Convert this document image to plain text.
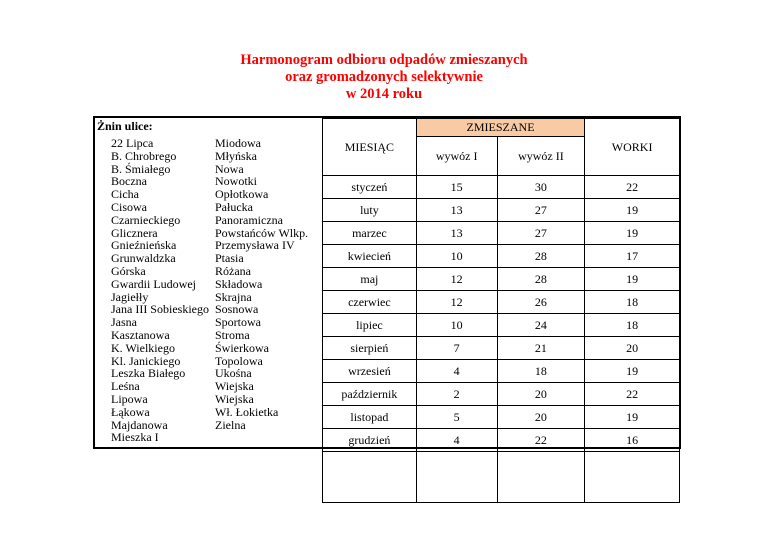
Harmonogram odbioru odpadów zmieszanych
oraz gromadzonych selektywnie
w 2014 roku
Żnin ulice:
22 Lipca
B. Chrobrego
B. Śmiałego
Boczna
Cicha
Cisowa
Czarnieckiego
Glicznera
Gnieźnieńska
Grunwaldzka
Górska
Gwardii Ludowej
Jagiełły
Jana III Sobieskiego
Jasna
Kasztanowa
K. Wielkiego
Kl. Janickiego
Leszka Białego
Leśna
Lipowa
Łąkowa
Majdanowa
Mieszka I
Miodowa
Młyńska
Nowa
Nowotki
Opłotkowa
Pałucka
Panoramiczna
Powstańców Wlkp.
Przemysława IV
Ptasia
Różana
Składowa
Skrajna
Sosnowa
Sportowa
Stroma
Świerkowa
Topolowa
Ukośna
Wiejska
Wiejska
Wł. Łokietka
Zielna
MIESIĄC	ZMIESZANE		WORKI
	wywóz I	wywóz II	
styczeń	15	30	22
luty	13	27	19
marzec	13	27	19
kwiecień	10	28	17
maj	12	28	19
czerwiec	12	26	18
lipiec	10	24	18
sierpień	7	21	20
wrzesień	4	18	19
październik	2	20	22
listopad	5	20	19
grudzień	4	22	16
